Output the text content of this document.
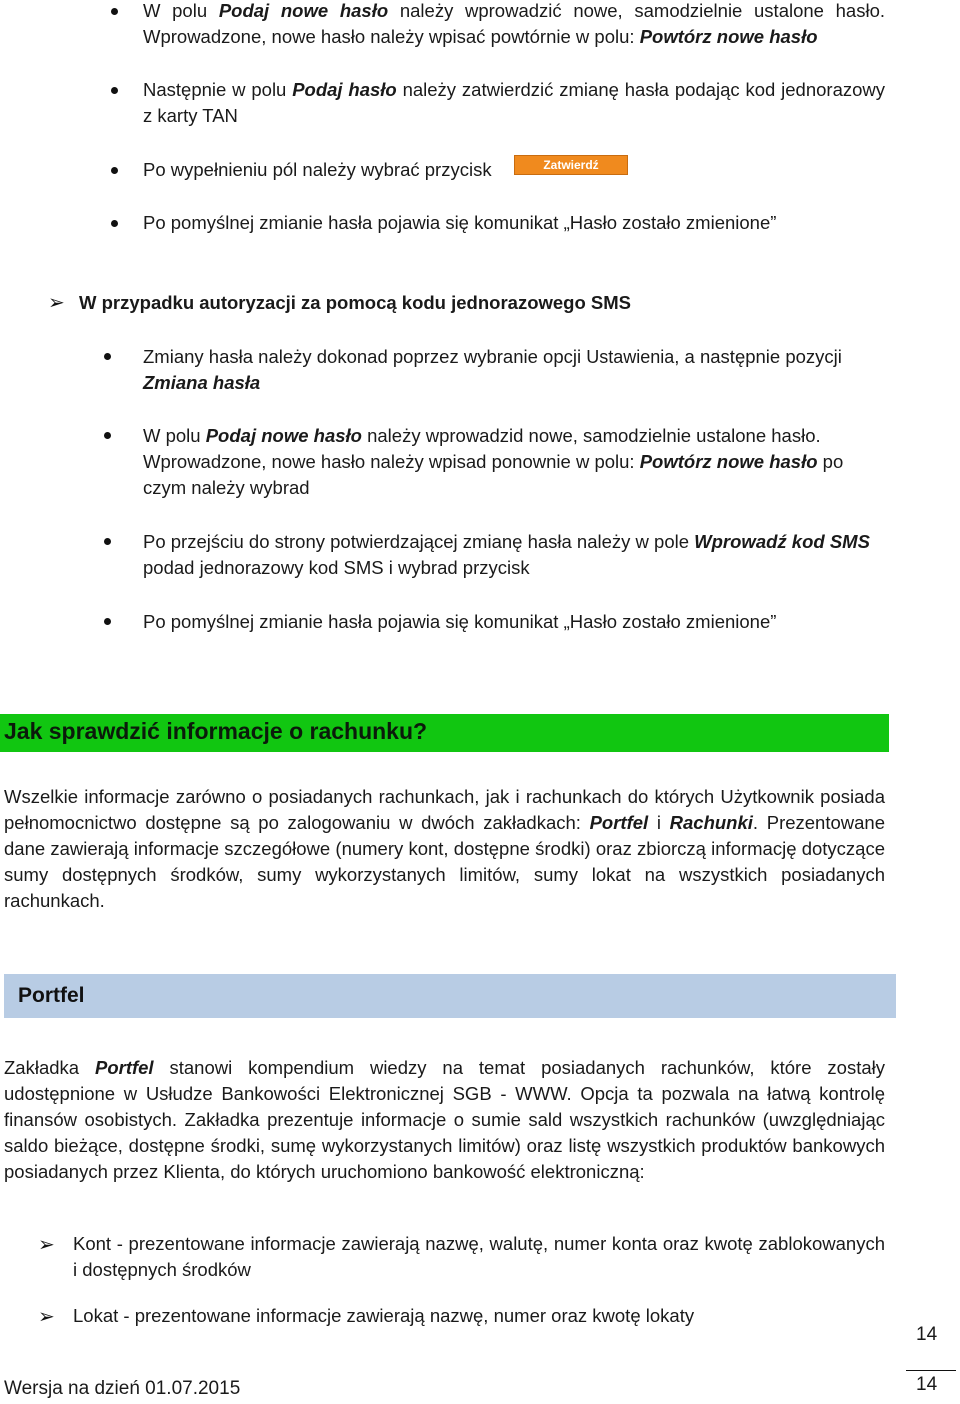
W polu Podaj nowe hasło należy wprowadzić nowe, samodzielnie ustalone hasło. Wprowadzone, nowe hasło należy wpisać powtórnie w polu: Powtórz nowe hasło
Następnie w polu Podaj hasło należy zatwierdzić zmianę hasła podając kod jednorazowy z karty TAN
Po wypełnieniu pól należy wybrać przycisk	Zatwierdź
Po pomyślnej zmianie hasła pojawia się komunikat „Hasło zostało zmienione”
➢ W przypadku autoryzacji za pomocą kodu jednorazowego SMS
Zmiany hasła należy dokonad poprzez wybranie opcji Ustawienia, a następnie pozycji Zmiana hasła
W polu Podaj nowe hasło należy wprowadzid nowe, samodzielnie ustalone hasło. Wprowadzone, nowe hasło należy wpisad ponownie w polu: Powtórz nowe hasło po czym należy wybrad
Po przejściu do strony potwierdzającej zmianę hasła należy w pole Wprowadź kod SMS podad jednorazowy kod SMS i wybrad przycisk
Po pomyślnej zmianie hasła pojawia się komunikat „Hasło zostało zmienione”
Jak sprawdzić informacje o rachunku?
Wszelkie informacje zarówno o posiadanych rachunkach, jak i rachunkach do których Użytkownik posiada pełnomocnictwo dostępne są po zalogowaniu w dwóch zakładkach: Portfel i Rachunki. Prezentowane dane zawierają informacje szczegółowe (numery kont, dostępne środki) oraz zbiorczą informację dotyczące sumy dostępnych środków, sumy wykorzystanych limitów, sumy lokat na wszystkich posiadanych rachunkach.
Portfel
Zakładka Portfel stanowi kompendium wiedzy na temat posiadanych rachunków, które zostały udostępnione w Usłudze Bankowości Elektronicznej SGB - WWW. Opcja ta pozwala na łatwą kontrolę finansów osobistych. Zakładka prezentuje informacje o sumie sald wszystkich rachunków (uwzględniając saldo bieżące, dostępne środki, sumę wykorzystanych limitów) oraz listę wszystkich produktów bankowych posiadanych przez Klienta, do których uruchomiono bankowość elektroniczną:
➢ Kont - prezentowane informacje zawierają nazwę, walutę, numer konta oraz kwotę zablokowanych i dostępnych środków
➢ Lokat - prezentowane informacje zawierają nazwę, numer oraz kwotę lokaty
14
14
Wersja na dzień 01.07.2015
